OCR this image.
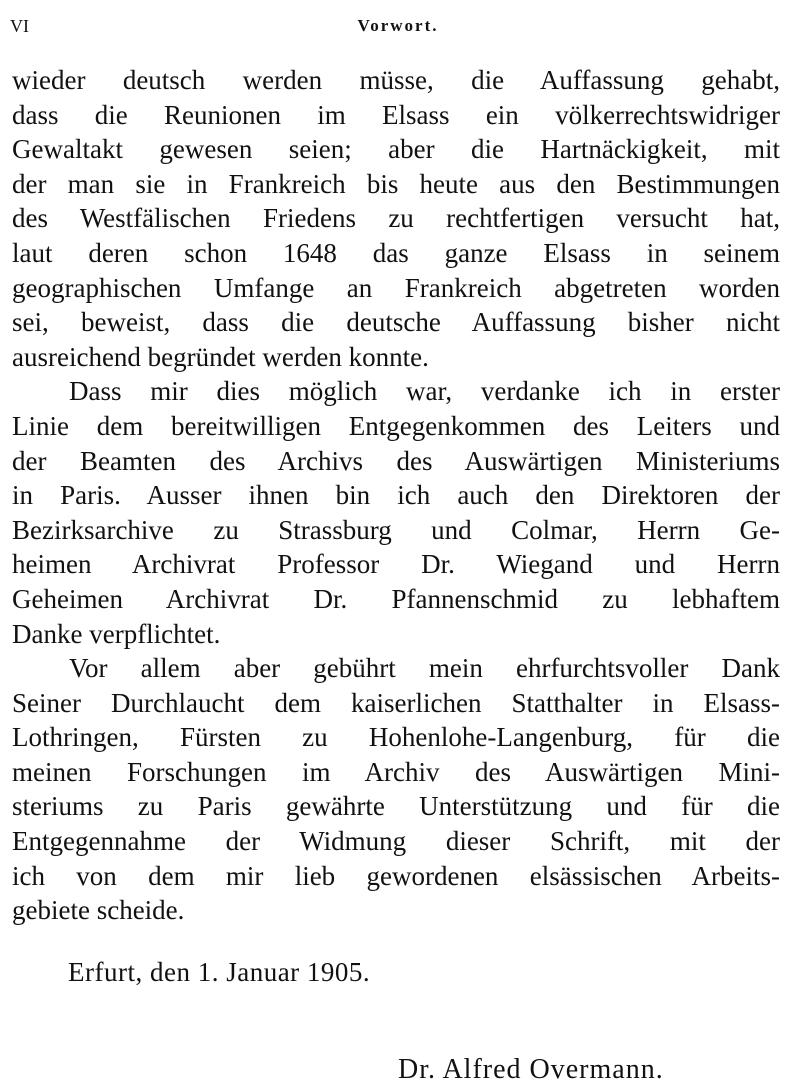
VI	Vorwort.
wieder deutsch werden müsse, die Auffassung gehabt,
dass die Reunionen im Elsass ein völkerrechtswidriger
Gewaltakt gewesen seien; aber die Hartnäckigkeit, mit
der man sie in Frankreich bis heute aus den Bestimmungen
des Westfälischen Friedens zu rechtfertigen versucht hat,
laut deren schon 1648 das ganze Elsass in seinem
geographischen Umfange an Frankreich abgetreten worden
sei, beweist, dass die deutsche Auffassung bisher nicht
ausreichend begründet werden konnte.
Dass mir dies möglich war, verdanke ich in erster
Linie dem bereitwilligen Entgegenkommen des Leiters und
der Beamten des Archivs des Auswärtigen Ministeriums
in Paris. Ausser ihnen bin ich auch den Direktoren der
Bezirksarchive zu Strassburg und Colmar, Herrn Ge-
heimen Archivrat Professor Dr. Wiegand und Herrn
Geheimen Archivrat Dr. Pfannenschmid zu lebhaftem
Danke verpflichtet.
Vor allem aber gebührt mein ehrfurchtsvoller Dank
Seiner Durchlaucht dem kaiserlichen Statthalter in Elsass-
Lothringen, Fürsten zu Hohenlohe-Langenburg, für die
meinen Forschungen im Archiv des Auswärtigen Mini-
steriums zu Paris gewährte Unterstützung und für die
Entgegennahme der Widmung dieser Schrift, mit der
ich von dem mir lieb gewordenen elsässischen Arbeits-
gebiete scheide.
Erfurt, den 1. Januar 1905.
Dr. Alfred Overmann.
